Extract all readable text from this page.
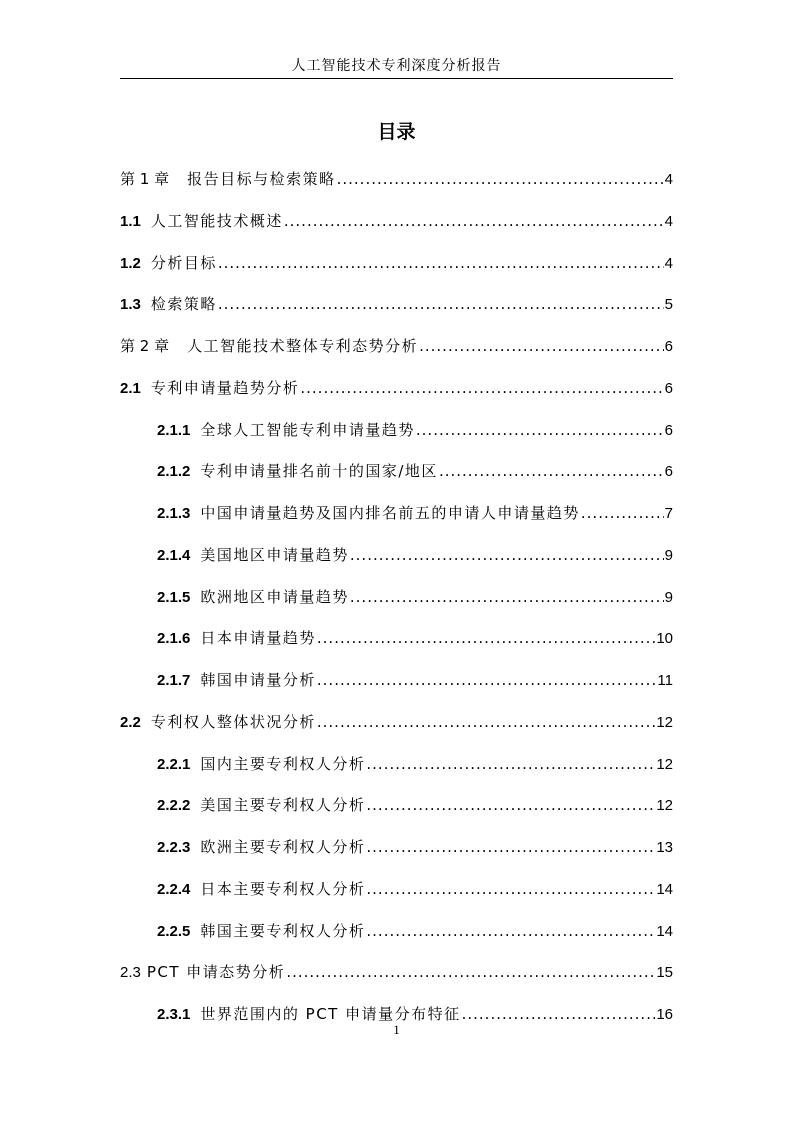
人工智能技术专利深度分析报告
目录
第 1 章 报告目标与检索策略 .....	4
1.1 人工智能技术概述 .....	4
1.2 分析目标 .....	4
1.3 检索策略 .....	5
第 2 章 人工智能技术整体专利态势分析 .....	6
2.1 专利申请量趋势分析 .....	6
2.1.1 全球人工智能专利申请量趋势 .....	6
2.1.2 专利申请量排名前十的国家/地区 .....	6
2.1.3 中国申请量趋势及国内排名前五的申请人申请量趋势 .....	7
2.1.4 美国地区申请量趋势 .....	9
2.1.5 欧洲地区申请量趋势 .....	9
2.1.6 日本申请量趋势 .....	10
2.1.7 韩国申请量分析 .....	11
2.2 专利权人整体状况分析 .....	12
2.2.1 国内主要专利权人分析 .....	12
2.2.2 美国主要专利权人分析 .....	12
2.2.3 欧洲主要专利权人分析 .....	13
2.2.4 日本主要专利权人分析 .....	14
2.2.5 韩国主要专利权人分析 .....	14
2.3 PCT 申请态势分析 .....	15
2.3.1 世界范围内的 PCT 申请量分布特征 .....	16
1
